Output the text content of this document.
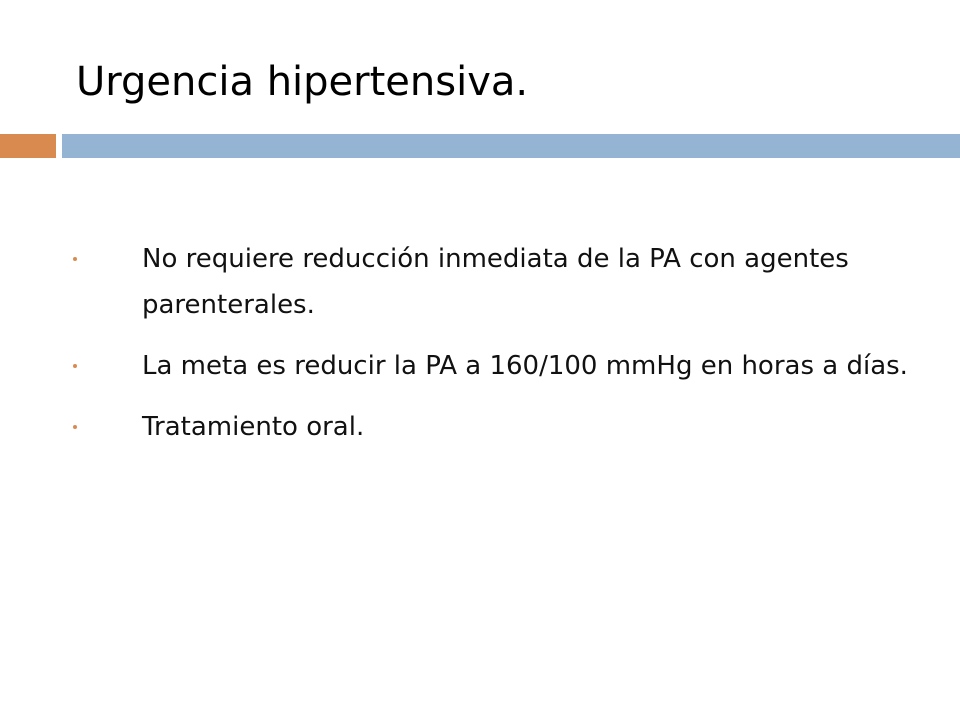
Urgencia hipertensiva.
No requiere reducción inmediata de la PA con agentes parenterales.
La meta es reducir la PA a 160/100 mmHg en horas a días.
Tratamiento oral.
